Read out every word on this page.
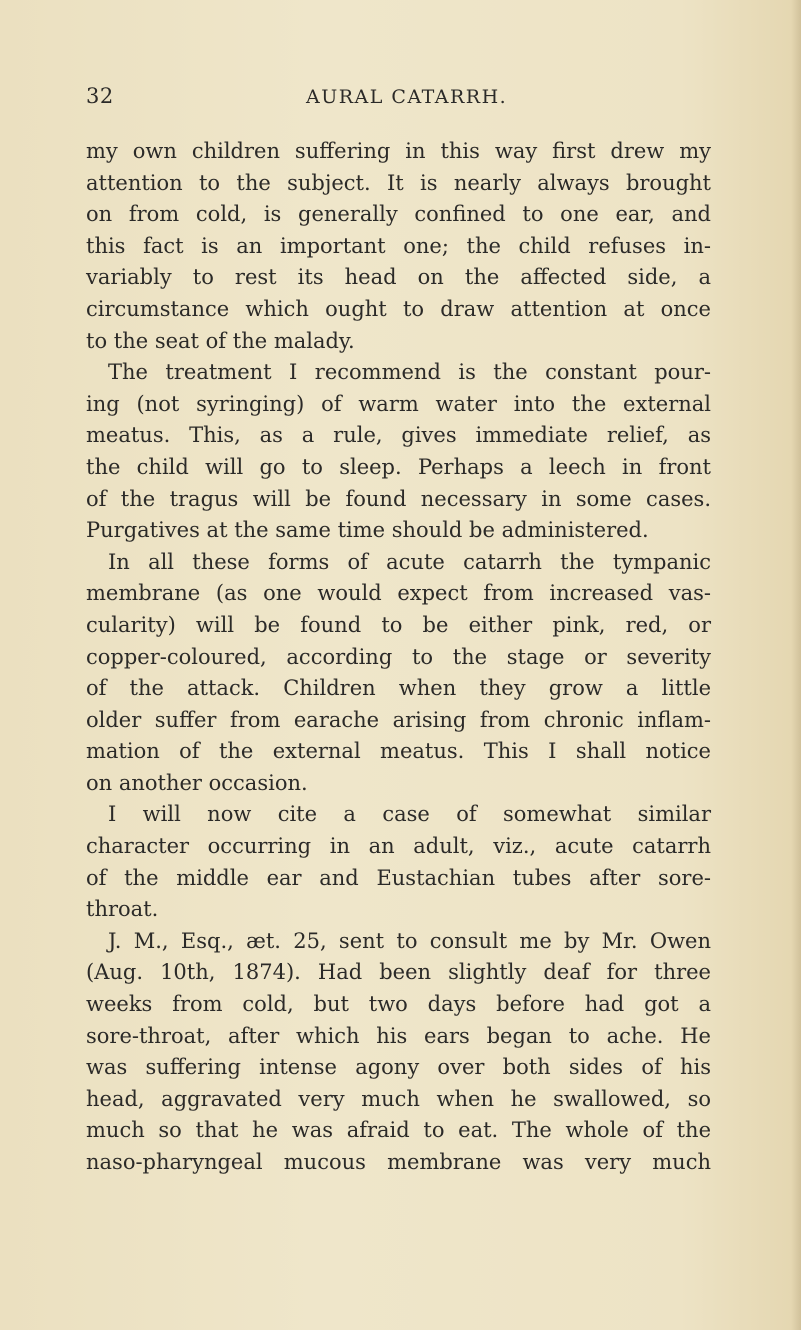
32	AURAL CATARRH.
my own children suffering in this way first drew my
attention to the subject. It is nearly always brought
on from cold, is generally confined to one ear, and
this fact is an important one; the child refuses in-
variably to rest its head on the affected side, a
circumstance which ought to draw attention at once
to the seat of the malady.
The treatment I recommend is the constant pour-
ing (not syringing) of warm water into the external
meatus. This, as a rule, gives immediate relief, as
the child will go to sleep. Perhaps a leech in front
of the tragus will be found necessary in some cases.
Purgatives at the same time should be administered.
In all these forms of acute catarrh the tympanic
membrane (as one would expect from increased vas-
cularity) will be found to be either pink, red, or
copper-coloured, according to the stage or severity
of the attack. Children when they grow a little
older suffer from earache arising from chronic inflam-
mation of the external meatus. This I shall notice
on another occasion.
I will now cite a case of somewhat similar
character occurring in an adult, viz., acute catarrh
of the middle ear and Eustachian tubes after sore-
throat.
J. M., Esq., æt. 25, sent to consult me by Mr. Owen
(Aug. 10th, 1874). Had been slightly deaf for three
weeks from cold, but two days before had got a
sore-throat, after which his ears began to ache. He
was suffering intense agony over both sides of his
head, aggravated very much when he swallowed, so
much so that he was afraid to eat. The whole of the
naso-pharyngeal mucous membrane was very much
